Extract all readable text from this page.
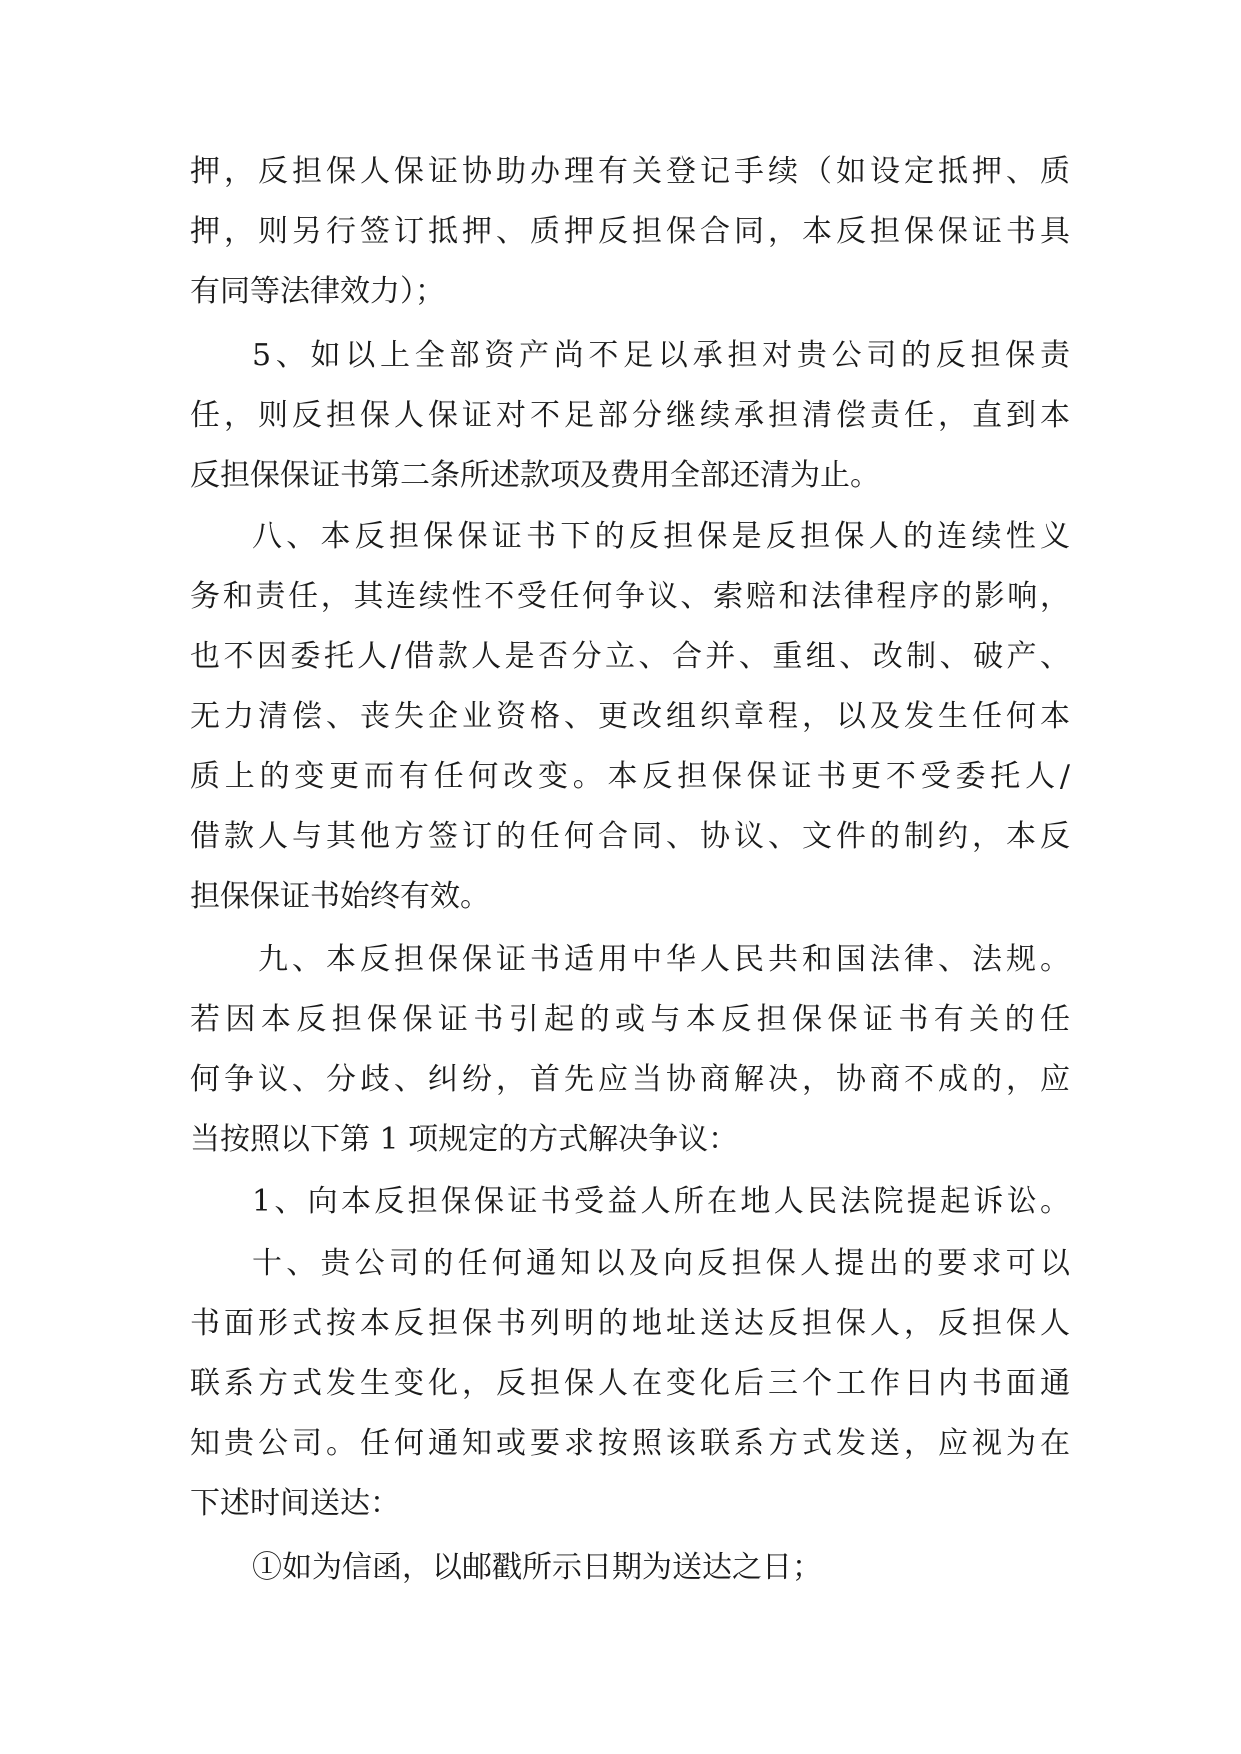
押，反担保人保证协助办理有关登记手续（如设定抵押、质
押，则另行签订抵押、质押反担保合同，本反担保保证书具
有同等法律效力）；
5、如以上全部资产尚不足以承担对贵公司的反担保责
任，则反担保人保证对不足部分继续承担清偿责任，直到本
反担保保证书第二条所述款项及费用全部还清为止。
八、本反担保保证书下的反担保是反担保人的连续性义
务和责任，其连续性不受任何争议、索赔和法律程序的影响，
也不因委托人/借款人是否分立、合并、重组、改制、破产、
无力清偿、丧失企业资格、更改组织章程，以及发生任何本
质上的变更而有任何改变。本反担保保证书更不受委托人/
借款人与其他方签订的任何合同、协议、文件的制约，本反
担保保证书始终有效。
九、本反担保保证书适用中华人民共和国法律、法规。
若因本反担保保证书引起的或与本反担保保证书有关的任
何争议、分歧、纠纷，首先应当协商解决，协商不成的，应
当按照以下第 1 项规定的方式解决争议：
1、向本反担保保证书受益人所在地人民法院提起诉讼。
十、贵公司的任何通知以及向反担保人提出的要求可以
书面形式按本反担保书列明的地址送达反担保人，反担保人
联系方式发生变化，反担保人在变化后三个工作日内书面通
知贵公司。任何通知或要求按照该联系方式发送，应视为在
下述时间送达：
①如为信函，以邮戳所示日期为送达之日；
